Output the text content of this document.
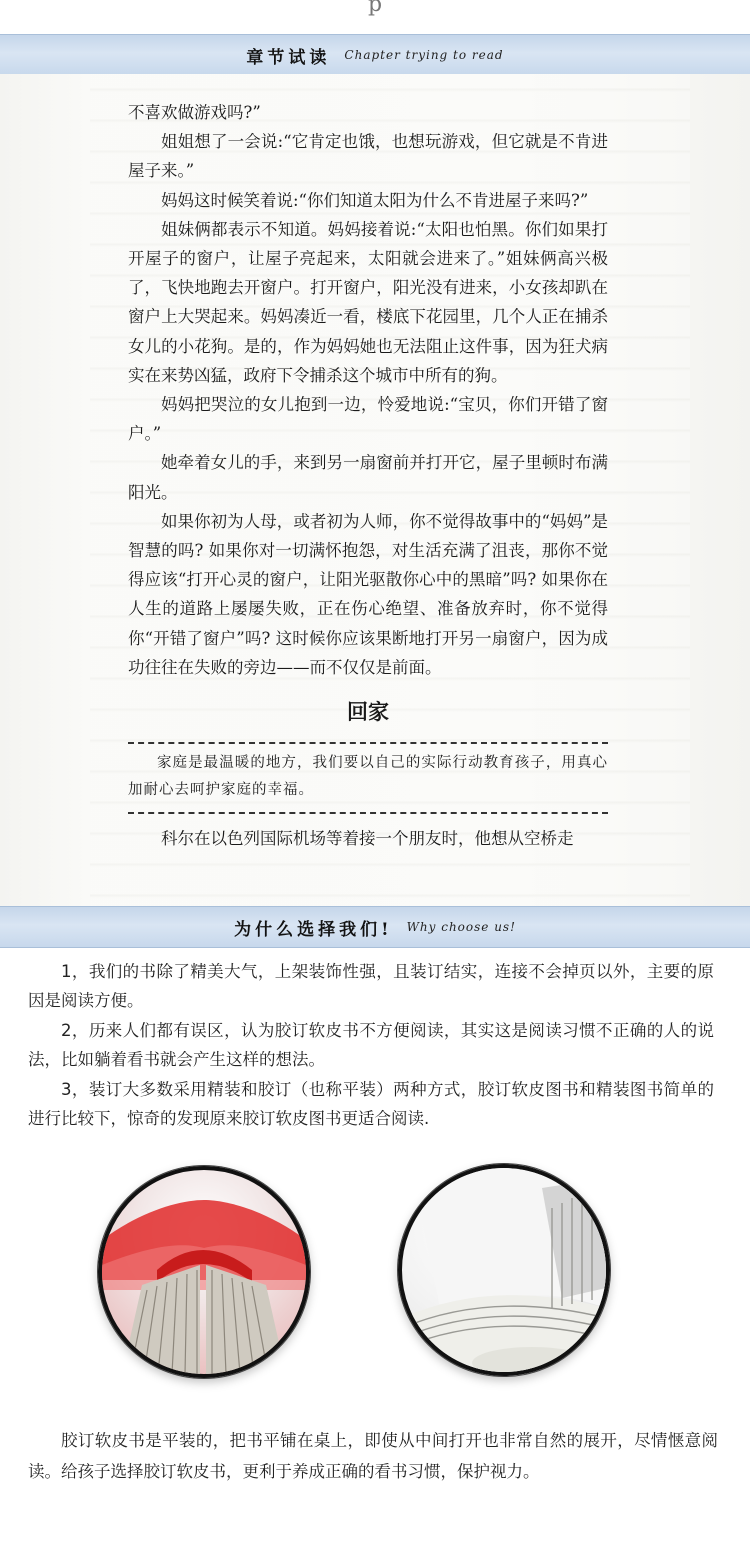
p
章节试读 Chapter trying to read

不喜欢做游戏吗?”

姐姐想了一会说:“它肯定也饿，也想玩游戏，但它就是不肯进屋子来。”

妈妈这时候笑着说:“你们知道太阳为什么不肯进屋子来吗?”

姐妹俩都表示不知道。妈妈接着说:“太阳也怕黑。你们如果打开屋子的窗户，让屋子亮起来，太阳就会进来了。”姐妹俩高兴极了，飞快地跑去开窗户。打开窗户，阳光没有进来，小女孩却趴在窗户上大哭起来。妈妈凑近一看，楼底下花园里，几个人正在捕杀女儿的小花狗。是的，作为妈妈她也无法阻止这件事，因为狂犬病实在来势凶猛，政府下令捕杀这个城市中所有的狗。

妈妈把哭泣的女儿抱到一边，怜爱地说:“宝贝，你们开错了窗户。”

她牵着女儿的手，来到另一扇窗前并打开它，屋子里顿时布满阳光。

如果你初为人母，或者初为人师，你不觉得故事中的“妈妈”是智慧的吗? 如果你对一切满怀抱怨，对生活充满了沮丧，那你不觉得应该“打开心灵的窗户，让阳光驱散你心中的黑暗”吗? 如果你在人生的道路上屡屡失败，正在伤心绝望、准备放弃时，你不觉得你“开错了窗户”吗? 这时候你应该果断地打开另一扇窗户，因为成功往往在失败的旁边——而不仅仅是前面。

回家

家庭是最温暖的地方，我们要以自己的实际行动教育孩子，用真心加耐心去呵护家庭的幸福。

科尔在以色列国际机场等着接一个朋友时，他想从空桥走

为什么选择我们! Why choose us!

1，我们的书除了精美大气，上架装饰性强，且装订结实，连接不会掉页以外，主要的原因是阅读方便。

2，历来人们都有误区，认为胶订软皮书不方便阅读，其实这是阅读习惯不正确的人的说法，比如躺着看书就会产生这样的想法。

3，装订大多数采用精装和胶订（也称平装）两种方式，胶订软皮图书和精装图书简单的进行比较下，惊奇的发现原来胶订软皮图书更适合阅读.

胶订软皮书是平装的，把书平铺在桌上，即使从中间打开也非常自然的展开，尽情惬意阅读。给孩子选择胶订软皮书，更利于养成正确的看书习惯，保护视力。
